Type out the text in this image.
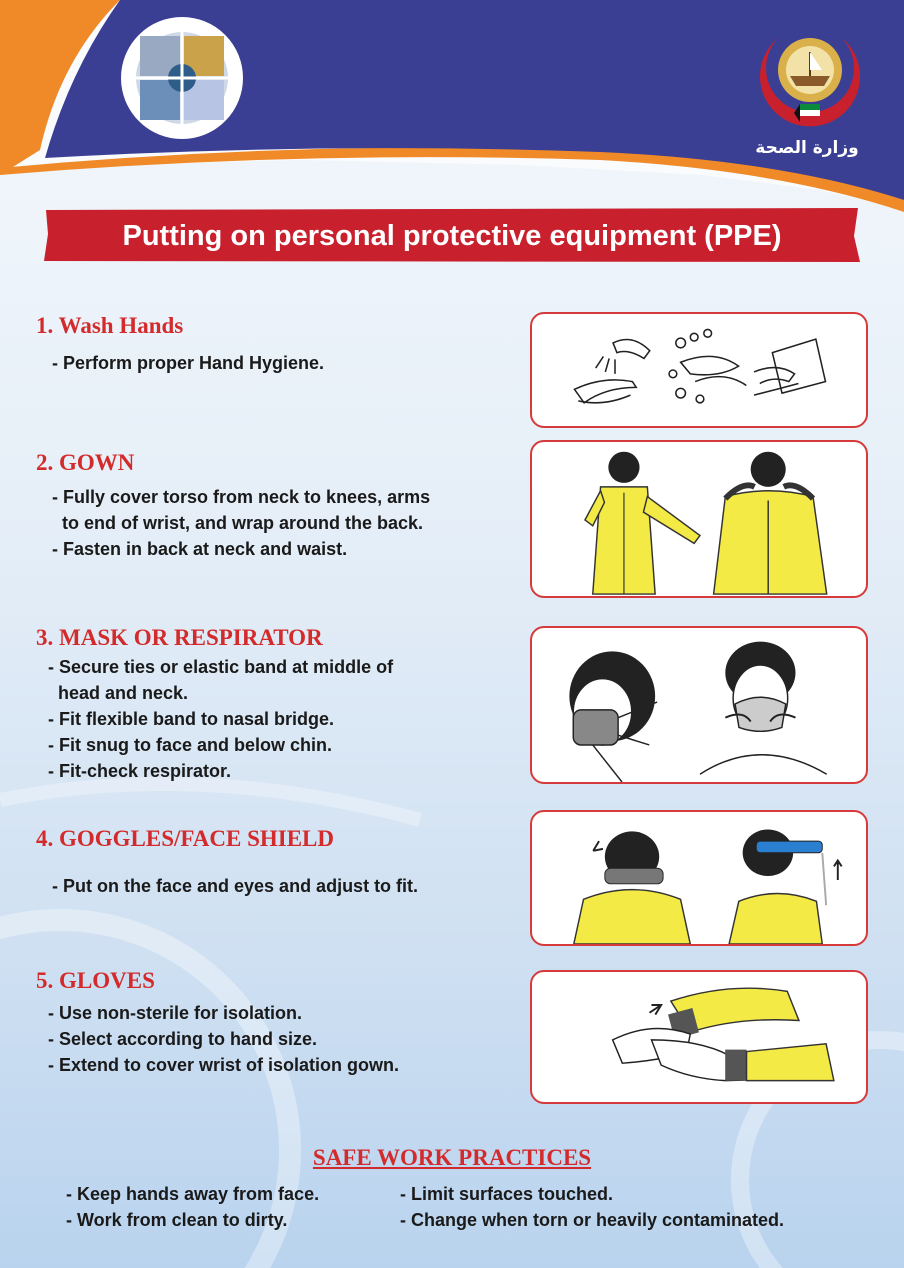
وزارة الصحة
Putting on personal protective equipment (PPE)
1. Wash Hands
- Perform proper Hand Hygiene.
2. GOWN
- Fully cover torso from neck to knees, arms
to end of wrist, and wrap around the back.
- Fasten in back at neck and waist.
3. MASK OR RESPIRATOR
- Secure ties or elastic band at middle of
head and neck.
- Fit flexible band to nasal bridge.
- Fit snug to face and below chin.
- Fit-check respirator.
4. GOGGLES/FACE SHIELD
- Put on the face and eyes and adjust to fit.
5. GLOVES
- Use non-sterile for isolation.
- Select according to hand size.
- Extend to cover wrist of isolation gown.
SAFE WORK PRACTICES
- Keep hands away from face.
- Work from clean to dirty.
- Limit surfaces touched.
- Change when torn or heavily contaminated.
